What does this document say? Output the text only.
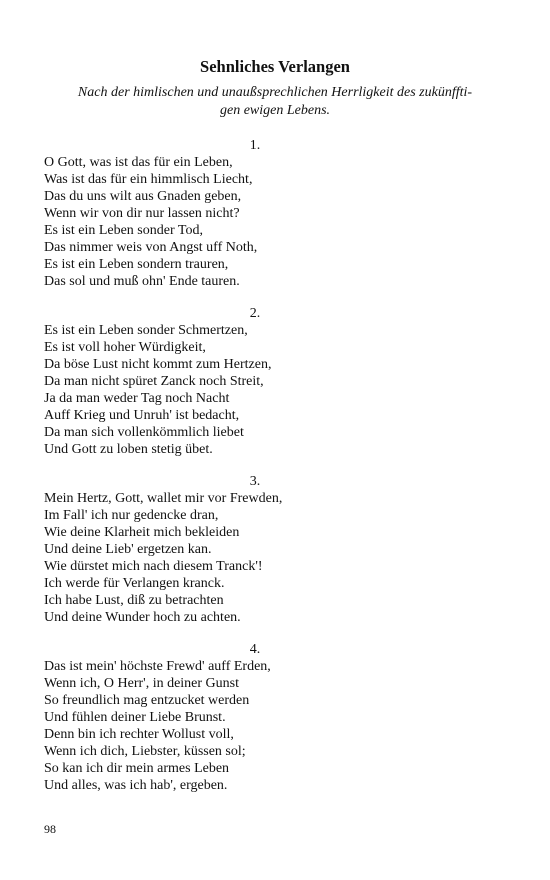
Sehnliches Verlangen
Nach der himlischen und unaußsprechlichen Herrligkeit des zukünffti-
gen ewigen Lebens.
1.
O Gott, was ist das für ein Leben,
Was ist das für ein himmlisch Liecht,
Das du uns wilt aus Gnaden geben,
Wenn wir von dir nur lassen nicht?
Es ist ein Leben sonder Tod,
Das nimmer weis von Angst uff Noth,
Es ist ein Leben sondern trauren,
Das sol und muß ohn' Ende tauren.
2.
Es ist ein Leben sonder Schmertzen,
Es ist voll hoher Würdigkeit,
Da böse Lust nicht kommt zum Hertzen,
Da man nicht spüret Zanck noch Streit,
Ja da man weder Tag noch Nacht
Auff Krieg und Unruh' ist bedacht,
Da man sich vollenkömmlich liebet
Und Gott zu loben stetig übet.
3.
Mein Hertz, Gott, wallet mir vor Frewden,
Im Fall' ich nur gedencke dran,
Wie deine Klarheit mich bekleiden
Und deine Lieb' ergetzen kan.
Wie dürstet mich nach diesem Tranck'!
Ich werde für Verlangen kranck.
Ich habe Lust, diß zu betrachten
Und deine Wunder hoch zu achten.
4.
Das ist mein' höchste Frewd' auff Erden,
Wenn ich, O Herr', in deiner Gunst
So freundlich mag entzucket werden
Und fühlen deiner Liebe Brunst.
Denn bin ich rechter Wollust voll,
Wenn ich dich, Liebster, küssen sol;
So kan ich dir mein armes Leben
Und alles, was ich hab', ergeben.
98
